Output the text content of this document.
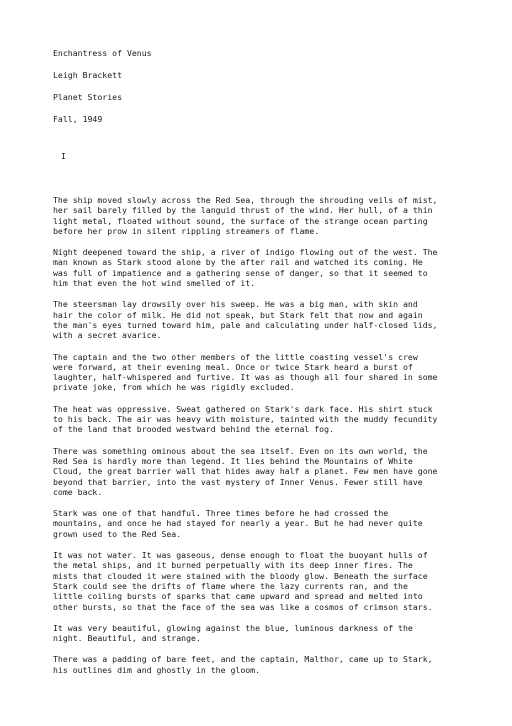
Enchantress of Venus
Leigh Brackett
Planet Stories
Fall, 1949
I

The ship moved slowly across the Red Sea, through the shrouding veils of mist,
her sail barely filled by the languid thrust of the wind. Her hull, of a thin
light metal, floated without sound, the surface of the strange ocean parting
before her prow in silent rippling streamers of flame.

Night deepened toward the ship, a river of indigo flowing out of the west. The
man known as Stark stood alone by the after rail and watched its coming. He
was full of impatience and a gathering sense of danger, so that it seemed to
him that even the hot wind smelled of it.

The steersman lay drowsily over his sweep. He was a big man, with skin and
hair the color of milk. He did not speak, but Stark felt that now and again
the man's eyes turned toward him, pale and calculating under half-closed lids,
with a secret avarice.

The captain and the two other members of the little coasting vessel's crew
were forward, at their evening meal. Once or twice Stark heard a burst of
laughter, half-whispered and furtive. It was as though all four shared in some
private joke, from which he was rigidly excluded.

The heat was oppressive. Sweat gathered on Stark's dark face. His shirt stuck
to his back. The air was heavy with moisture, tainted with the muddy fecundity
of the land that brooded westward behind the eternal fog.

There was something ominous about the sea itself. Even on its own world, the
Red Sea is hardly more than legend. It lies behind the Mountains of White
Cloud, the great barrier wall that hides away half a planet. Few men have gone
beyond that barrier, into the vast mystery of Inner Venus. Fewer still have
come back.

Stark was one of that handful. Three times before he had crossed the
mountains, and once he had stayed for nearly a year. But he had never quite
grown used to the Red Sea.

It was not water. It was gaseous, dense enough to float the buoyant hulls of
the metal ships, and it burned perpetually with its deep inner fires. The
mists that clouded it were stained with the bloody glow. Beneath the surface
Stark could see the drifts of flame where the lazy currents ran, and the
little coiling bursts of sparks that came upward and spread and melted into
other bursts, so that the face of the sea was like a cosmos of crimson stars.

It was very beautiful, glowing against the blue, luminous darkness of the
night. Beautiful, and strange.

There was a padding of bare feet, and the captain, Malthor, came up to Stark,
his outlines dim and ghostly in the gloom.
